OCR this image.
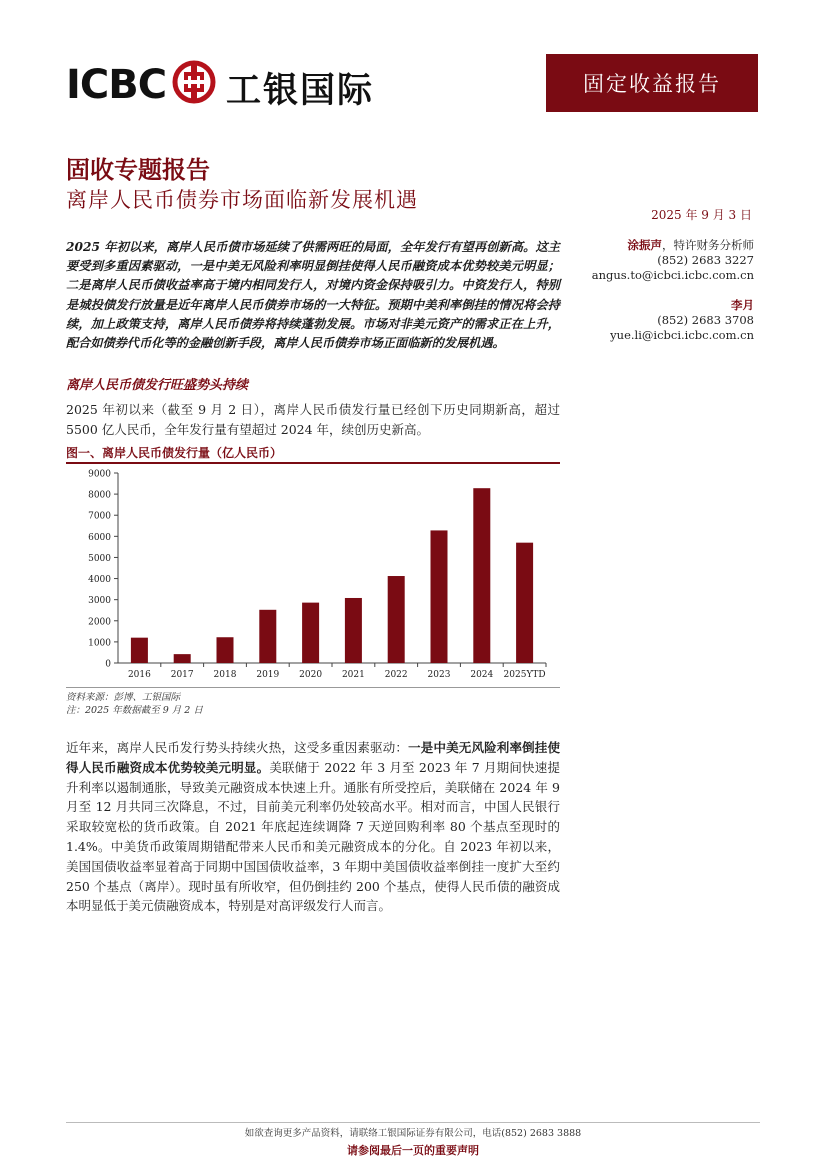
ICBC 工银国际	固定收益报告
固收专题报告
离岸人民币债券市场面临新发展机遇
2025 年 9 月 3 日
2025 年初以来，离岸人民币债市场延续了供需两旺的局面，全年发行有望再创新高。这主要受到多重因素驱动，一是中美无风险利率明显倒挂使得人民币融资成本优势较美元明显；二是离岸人民币债收益率高于境内相同发行人，对境内资金保持吸引力。中资发行人，特别是城投债发行放量是近年离岸人民币债券市场的一大特征。预期中美利率倒挂的情况将会持续，加上政策支持，离岸人民币债券将持续蓬勃发展。市场对非美元资产的需求正在上升，配合如债券代币化等的金融创新手段，离岸人民币债券市场正面临新的发展机遇。
涂振声，特许财务分析师
(852) 2683 3227
angus.to@icbci.icbc.com.cn
李月
(852) 2683 3708
yue.li@icbci.icbc.com.cn
离岸人民币债发行旺盛势头持续
2025 年初以来（截至 9 月 2 日），离岸人民币债发行量已经创下历史同期新高，超过 5500 亿人民币，全年发行量有望超过 2024 年，续创历史新高。
图一、离岸人民币债发行量（亿人民币）
0
1000
2000
3000
4000
5000
6000
7000
8000
9000
2016 2017 2018 2019 2020 2021 2022 2023 2024 2025YTD
资料来源：彭博、工银国际
注：2025 年数据截至 9 月 2 日
近年来，离岸人民币发行势头持续火热，这受多重因素驱动：一是中美无风险利率倒挂使得人民币融资成本优势较美元明显。美联储于 2022 年 3 月至 2023 年 7 月期间快速提升利率以遏制通胀，导致美元融资成本快速上升。通胀有所受控后，美联储在 2024 年 9 月至 12 月共同三次降息，不过，目前美元利率仍处较高水平。相对而言，中国人民银行采取较宽松的货币政策。自 2021 年底起连续调降 7 天逆回购利率 80 个基点至现时的 1.4%。中美货币政策周期错配带来人民币和美元融资成本的分化。自 2023 年初以来，美国国债收益率显着高于同期中国国债收益率，3 年期中美国债收益率倒挂一度扩大至约 250 个基点（离岸）。现时虽有所收窄，但仍倒挂约 200 个基点，使得人民币债的融资成本明显低于美元债融资成本，特别是对高评级发行人而言。
如欲查询更多产品资料，请联络工银国际证券有限公司，电话(852) 2683 3888
请参阅最后一页的重要声明
